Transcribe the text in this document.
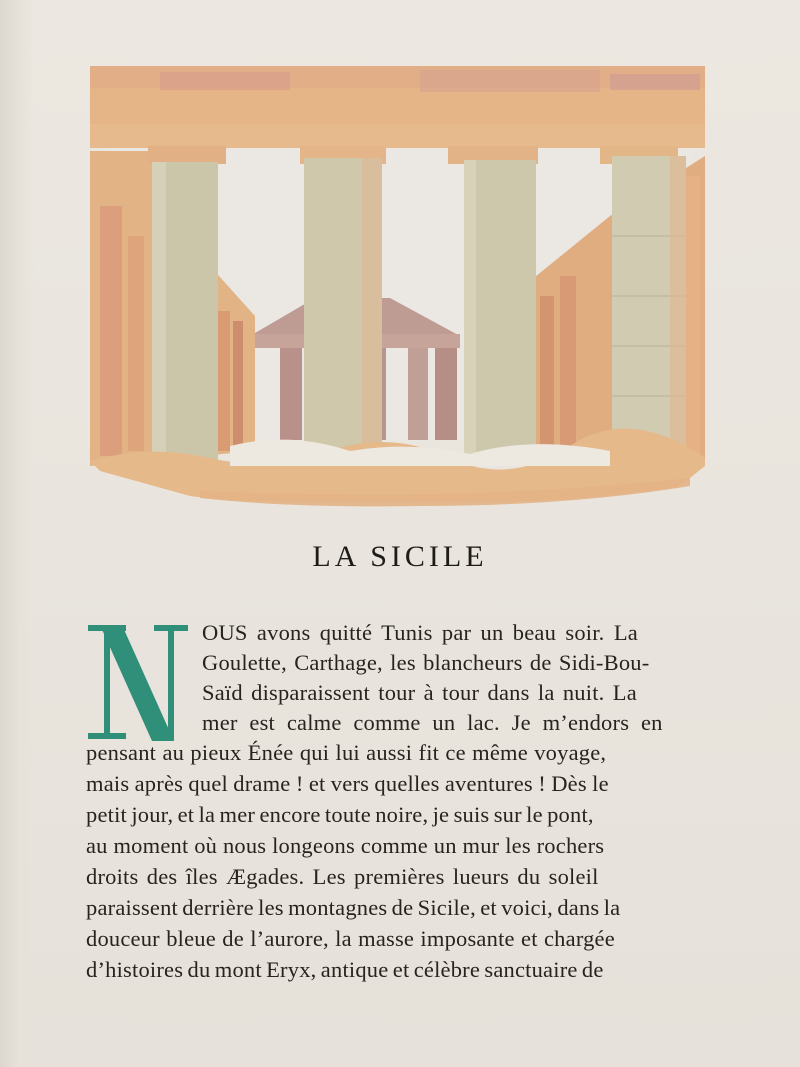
LA SICILE
OUS avons quitté Tunis par un beau soir. La
Goulette, Carthage, les blancheurs de Sidi-Bou-
Saïd disparaissent tour à tour dans la nuit. La
mer est calme comme un lac. Je m’endors en
pensant au pieux Énée qui lui aussi fit ce même voyage,
mais après quel drame ! et vers quelles aventures ! Dès le
petit jour, et la mer encore toute noire, je suis sur le pont,
au moment où nous longeons comme un mur les rochers
droits des îles Ægades. Les premières lueurs du soleil
paraissent derrière les montagnes de Sicile, et voici, dans la
douceur bleue de l’aurore, la masse imposante et chargée
d’histoires du mont Eryx, antique et célèbre sanctuaire de
